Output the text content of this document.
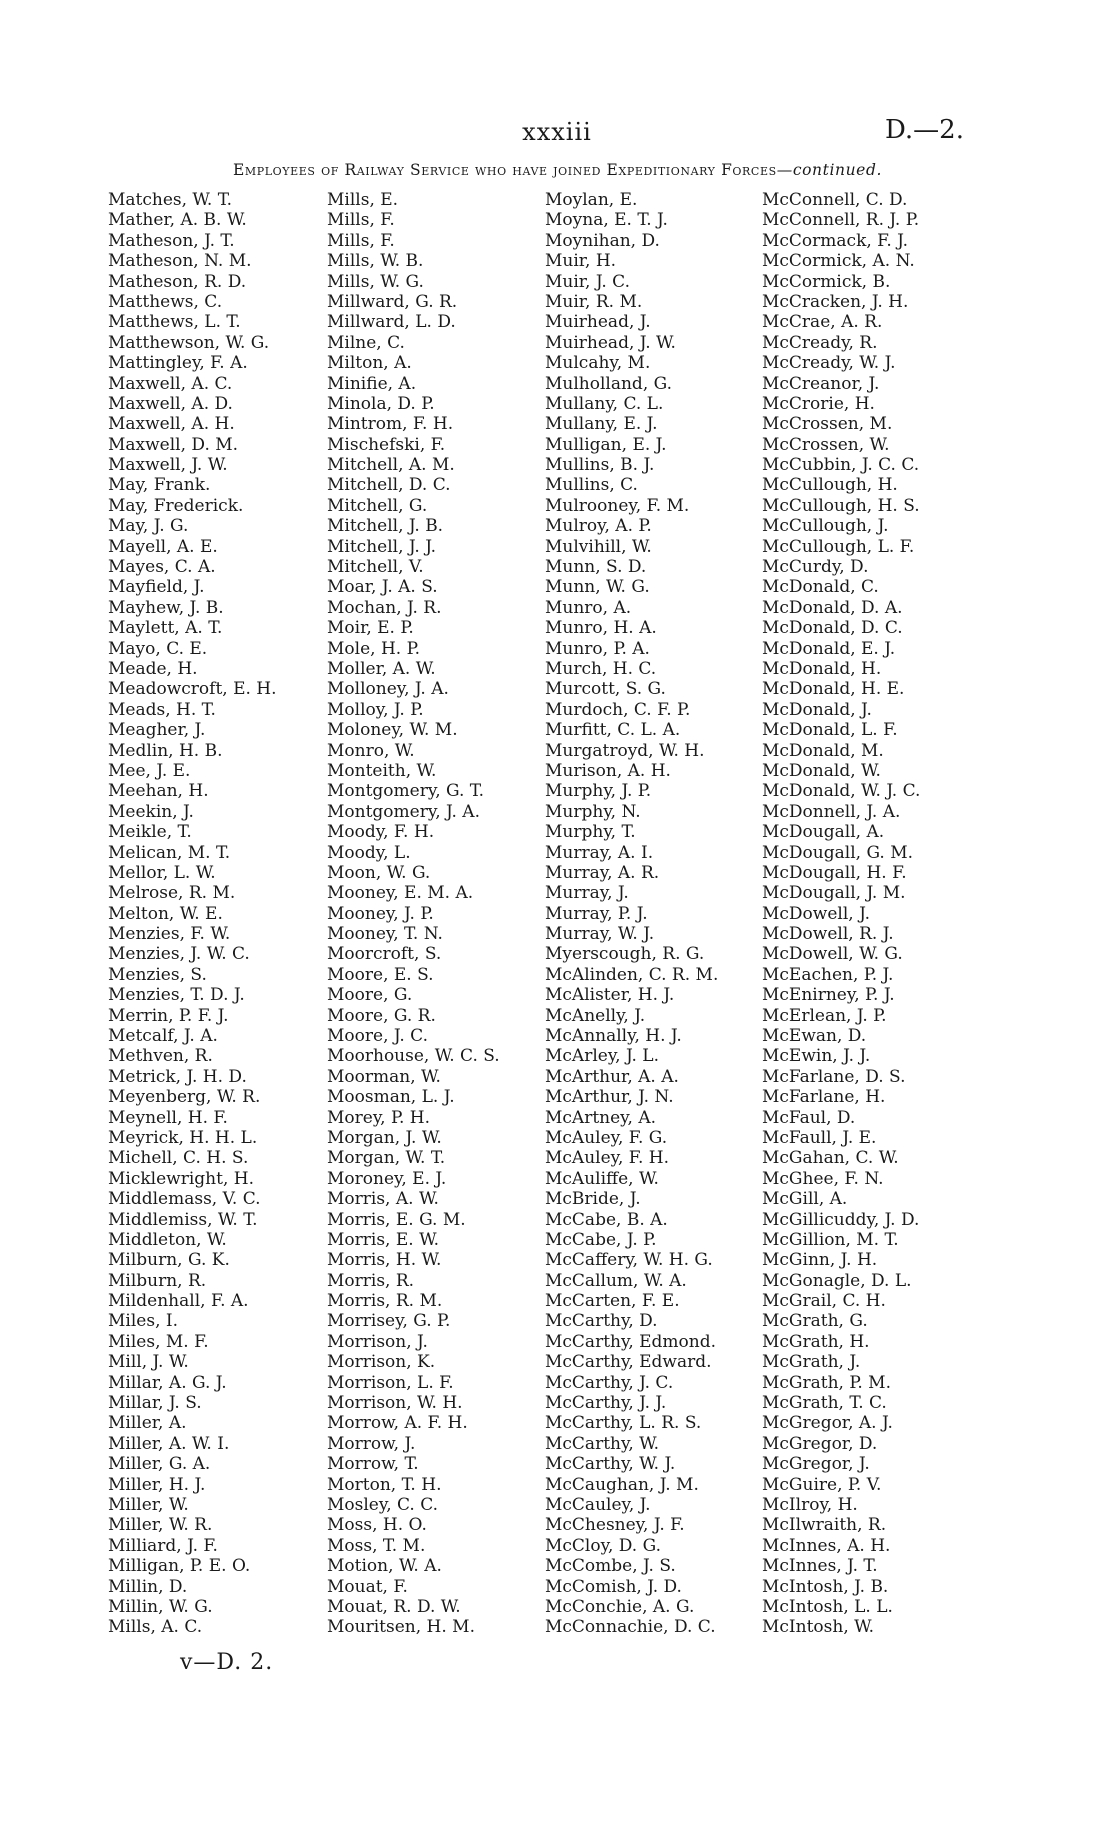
xxxiii	D.—2.
Employees of Railway Service who have joined Expeditionary Forces—continued.
Matches, W. T.
Mather, A. B. W.
Matheson, J. T.
Matheson, N. M.
Matheson, R. D.
Matthews, C.
Matthews, L. T.
Matthewson, W. G.
Mattingley, F. A.
Maxwell, A. C.
Maxwell, A. D.
Maxwell, A. H.
Maxwell, D. M.
Maxwell, J. W.
May, Frank.
May, Frederick.
May, J. G.
Mayell, A. E.
Mayes, C. A.
Mayfield, J.
Mayhew, J. B.
Maylett, A. T.
Mayo, C. E.
Meade, H.
Meadowcroft, E. H.
Meads, H. T.
Meagher, J.
Medlin, H. B.
Mee, J. E.
Meehan, H.
Meekin, J.
Meikle, T.
Melican, M. T.
Mellor, L. W.
Melrose, R. M.
Melton, W. E.
Menzies, F. W.
Menzies, J. W. C.
Menzies, S.
Menzies, T. D. J.
Merrin, P. F. J.
Metcalf, J. A.
Methven, R.
Metrick, J. H. D.
Meyenberg, W. R.
Meynell, H. F.
Meyrick, H. H. L.
Michell, C. H. S.
Micklewright, H.
Middlemass, V. C.
Middlemiss, W. T.
Middleton, W.
Milburn, G. K.
Milburn, R.
Mildenhall, F. A.
Miles, I.
Miles, M. F.
Mill, J. W.
Millar, A. G. J.
Millar, J. S.
Miller, A.
Miller, A. W. I.
Miller, G. A.
Miller, H. J.
Miller, W.
Miller, W. R.
Milliard, J. F.
Milligan, P. E. O.
Millin, D.
Millin, W. G.
Mills, A. C.
Mills, E.
Mills, F.
Mills, F.
Mills, W. B.
Mills, W. G.
Millward, G. R.
Millward, L. D.
Milne, C.
Milton, A.
Minifie, A.
Minola, D. P.
Mintrom, F. H.
Mischefski, F.
Mitchell, A. M.
Mitchell, D. C.
Mitchell, G.
Mitchell, J. B.
Mitchell, J. J.
Mitchell, V.
Moar, J. A. S.
Mochan, J. R.
Moir, E. P.
Mole, H. P.
Moller, A. W.
Molloney, J. A.
Molloy, J. P.
Moloney, W. M.
Monro, W.
Monteith, W.
Montgomery, G. T.
Montgomery, J. A.
Moody, F. H.
Moody, L.
Moon, W. G.
Mooney, E. M. A.
Mooney, J. P.
Mooney, T. N.
Moorcroft, S.
Moore, E. S.
Moore, G.
Moore, G. R.
Moore, J. C.
Moorhouse, W. C. S.
Moorman, W.
Moosman, L. J.
Morey, P. H.
Morgan, J. W.
Morgan, W. T.
Moroney, E. J.
Morris, A. W.
Morris, E. G. M.
Morris, E. W.
Morris, H. W.
Morris, R.
Morris, R. M.
Morrisey, G. P.
Morrison, J.
Morrison, K.
Morrison, L. F.
Morrison, W. H.
Morrow, A. F. H.
Morrow, J.
Morrow, T.
Morton, T. H.
Mosley, C. C.
Moss, H. O.
Moss, T. M.
Motion, W. A.
Mouat, F.
Mouat, R. D. W.
Mouritsen, H. M.
Moylan, E.
Moyna, E. T. J.
Moynihan, D.
Muir, H.
Muir, J. C.
Muir, R. M.
Muirhead, J.
Muirhead, J. W.
Mulcahy, M.
Mulholland, G.
Mullany, C. L.
Mullany, E. J.
Mulligan, E. J.
Mullins, B. J.
Mullins, C.
Mulrooney, F. M.
Mulroy, A. P.
Mulvihill, W.
Munn, S. D.
Munn, W. G.
Munro, A.
Munro, H. A.
Munro, P. A.
Murch, H. C.
Murcott, S. G.
Murdoch, C. F. P.
Murfitt, C. L. A.
Murgatroyd, W. H.
Murison, A. H.
Murphy, J. P.
Murphy, N.
Murphy, T.
Murray, A. I.
Murray, A. R.
Murray, J.
Murray, P. J.
Murray, W. J.
Myerscough, R. G.
McAlinden, C. R. M.
McAlister, H. J.
McAnelly, J.
McAnnally, H. J.
McArley, J. L.
McArthur, A. A.
McArthur, J. N.
McArtney, A.
McAuley, F. G.
McAuley, F. H.
McAuliffe, W.
McBride, J.
McCabe, B. A.
McCabe, J. P.
McCaffery, W. H. G.
McCallum, W. A.
McCarten, F. E.
McCarthy, D.
McCarthy, Edmond.
McCarthy, Edward.
McCarthy, J. C.
McCarthy, J. J.
McCarthy, L. R. S.
McCarthy, W.
McCarthy, W. J.
McCaughan, J. M.
McCauley, J.
McChesney, J. F.
McCloy, D. G.
McCombe, J. S.
McComish, J. D.
McConchie, A. G.
McConnachie, D. C.
McConnell, C. D.
McConnell, R. J. P.
McCormack, F. J.
McCormick, A. N.
McCormick, B.
McCracken, J. H.
McCrae, A. R.
McCready, R.
McCready, W. J.
McCreanor, J.
McCrorie, H.
McCrossen, M.
McCrossen, W.
McCubbin, J. C. C.
McCullough, H.
McCullough, H. S.
McCullough, J.
McCullough, L. F.
McCurdy, D.
McDonald, C.
McDonald, D. A.
McDonald, D. C.
McDonald, E. J.
McDonald, H.
McDonald, H. E.
McDonald, J.
McDonald, L. F.
McDonald, M.
McDonald, W.
McDonald, W. J. C.
McDonnell, J. A.
McDougall, A.
McDougall, G. M.
McDougall, H. F.
McDougall, J. M.
McDowell, J.
McDowell, R. J.
McDowell, W. G.
McEachen, P. J.
McEnirney, P. J.
McErlean, J. P.
McEwan, D.
McEwin, J. J.
McFarlane, D. S.
McFarlane, H.
McFaul, D.
McFaull, J. E.
McGahan, C. W.
McGhee, F. N.
McGill, A.
McGillicuddy, J. D.
McGillion, M. T.
McGinn, J. H.
McGonagle, D. L.
McGrail, C. H.
McGrath, G.
McGrath, H.
McGrath, J.
McGrath, P. M.
McGrath, T. C.
McGregor, A. J.
McGregor, D.
McGregor, J.
McGuire, P. V.
McIlroy, H.
McIlwraith, R.
McInnes, A. H.
McInnes, J. T.
McIntosh, J. B.
McIntosh, L. L.
McIntosh, W.
v—D. 2.
